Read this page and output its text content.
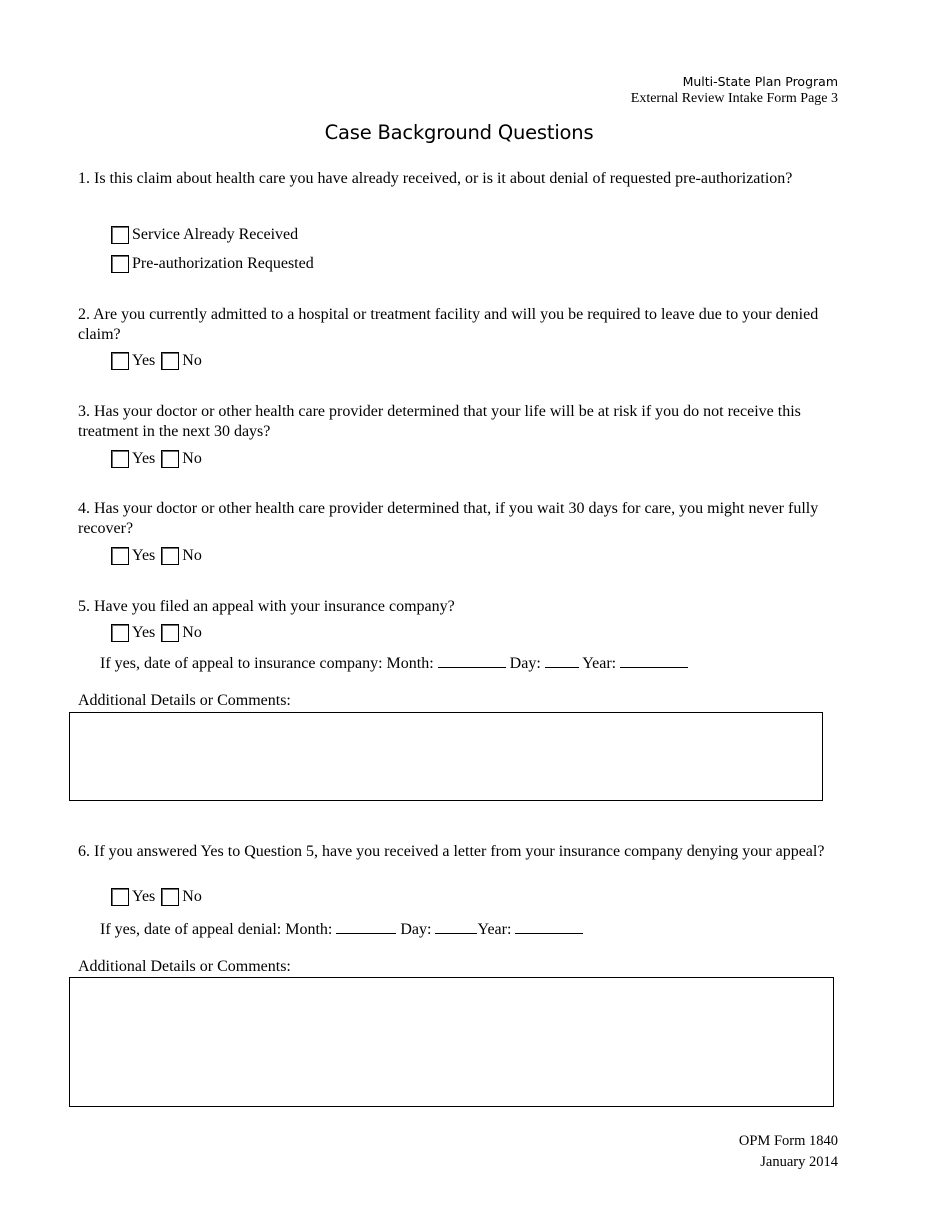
Multi-State Plan Program
External Review Intake Form Page 3
Case Background Questions
1. Is this claim about health care you have already received, or is it about denial of requested pre-authorization?
Service Already Received
Pre-authorization Requested
2. Are you currently admitted to a hospital or treatment facility and will you be required to leave due to your denied claim?
Yes No
3. Has your doctor or other health care provider determined that your life will be at risk if you do not receive this treatment in the next 30 days?
Yes No
4. Has your doctor or other health care provider determined that, if you wait 30 days for care, you might never fully recover?
Yes No
5. Have you filed an appeal with your insurance company?
Yes No
If yes, date of appeal to insurance company: Month:	Day:	Year:
Additional Details or Comments:
6. If you answered Yes to Question 5, have you received a letter from your insurance company denying your appeal?
Yes No
If yes, date of appeal denial: Month:	Day:	Year:
Additional Details or Comments:
OPM Form 1840
January 2014
